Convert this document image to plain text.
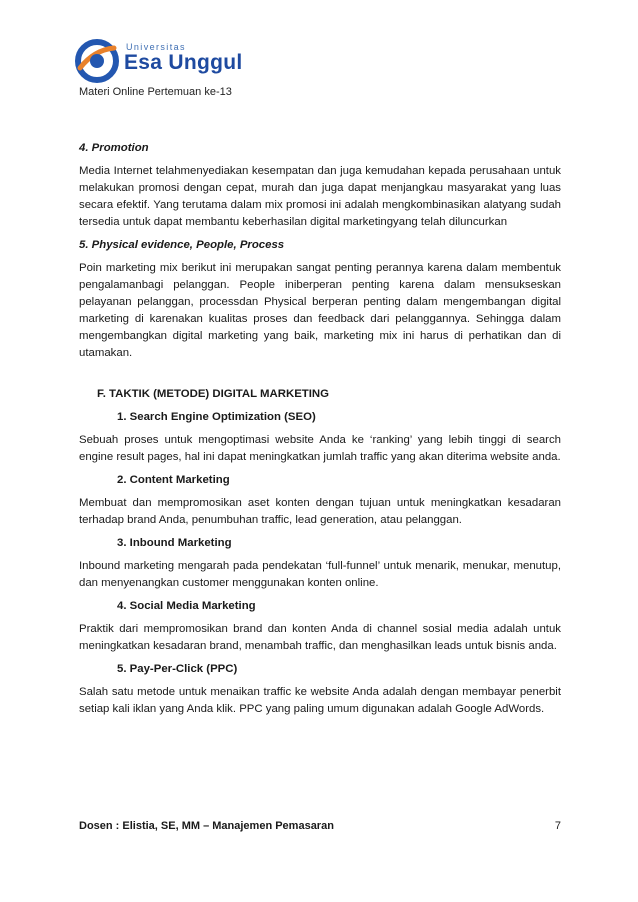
Universitas
Esa Unggul
Materi Online Pertemuan ke-13
4. Promotion
Media Internet telahmenyediakan kesempatan dan juga kemudahan kepada perusahaan untuk melakukan promosi dengan cepat, murah dan juga dapat menjangkau masyarakat yang luas secara efektif. Yang terutama dalam mix promosi ini adalah mengkombinasikan alatyang sudah tersedia untuk dapat membantu keberhasilan digital marketingyang telah diluncurkan
5. Physical evidence, People, Process
Poin marketing mix berikut ini merupakan sangat penting perannya karena dalam membentuk pengalamanbagi pelanggan. People iniberperan penting karena dalam mensukseskan pelayanan pelanggan, processdan Physical berperan penting dalam mengembangan digital marketing di karenakan kualitas proses dan feedback dari pelanggannya. Sehingga dalam mengembangkan digital marketing yang baik, marketing mix ini harus di perhatikan dan di utamakan.
F. TAKTIK (METODE) DIGITAL MARKETING
1. Search Engine Optimization (SEO)
Sebuah proses untuk mengoptimasi website Anda ke ‘ranking’ yang lebih tinggi di search engine result pages, hal ini dapat meningkatkan jumlah traffic yang akan diterima website anda.
2. Content Marketing
Membuat dan mempromosikan aset konten dengan tujuan untuk meningkatkan kesadaran terhadap brand Anda, penumbuhan traffic, lead generation, atau pelanggan.
3. Inbound Marketing
Inbound marketing mengarah pada pendekatan ‘full-funnel’ untuk menarik, menukar, menutup, dan menyenangkan customer menggunakan konten online.
4. Social Media Marketing
Praktik dari mempromosikan brand dan konten Anda di channel sosial media adalah untuk meningkatkan kesadaran brand, menambah traffic, dan menghasilkan leads untuk bisnis anda.
5. Pay-Per-Click (PPC)
Salah satu metode untuk menaikan traffic ke website Anda adalah dengan membayar penerbit setiap kali iklan yang Anda klik. PPC yang paling umum digunakan adalah Google AdWords.
Dosen : Elistia, SE, MM – Manajemen Pemasaran	7
